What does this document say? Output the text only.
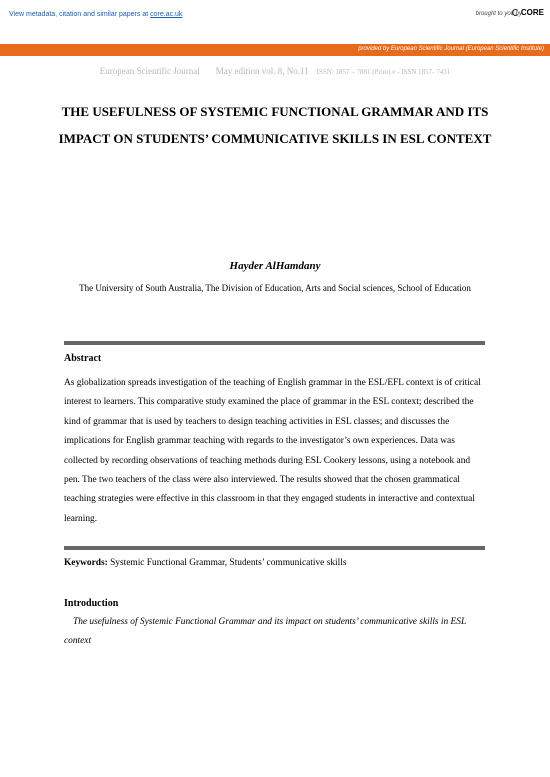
View metadata, citation and similar papers at core.ac.uk	brought to you by
CORE
provided by European Scientific Journal (European Scientific Institute)
European Scientific Journal May edition vol. 8, No.11 ISSN: 1857 – 7881 (Print) e - ISSN 1857- 7431
THE USEFULNESS OF SYSTEMIC FUNCTIONAL GRAMMAR AND ITS IMPACT ON STUDENTS’ COMMUNICATIVE SKILLS IN ESL CONTEXT
Hayder AlHamdany
The University of South Australia, The Division of Education, Arts and Social sciences, School of Education
Abstract
As globalization spreads investigation of the teaching of English grammar in the ESL/EFL context is of critical interest to learners. This comparative study examined the place of grammar in the ESL context; described the kind of grammar that is used by teachers to design teaching activities in ESL classes; and discusses the implications for English grammar teaching with regards to the investigator’s own experiences. Data was collected by recording observations of teaching methods during ESL Cookery lessons, using a notebook and pen. The two teachers of the class were also interviewed. The results showed that the chosen grammatical teaching strategies were effective in this classroom in that they engaged students in interactive and contextual learning.
Keywords: Systemic Functional Grammar, Students’ communicative skills
Introduction
The usefulness of Systemic Functional Grammar and its impact on students’ communicative skills in ESL context
